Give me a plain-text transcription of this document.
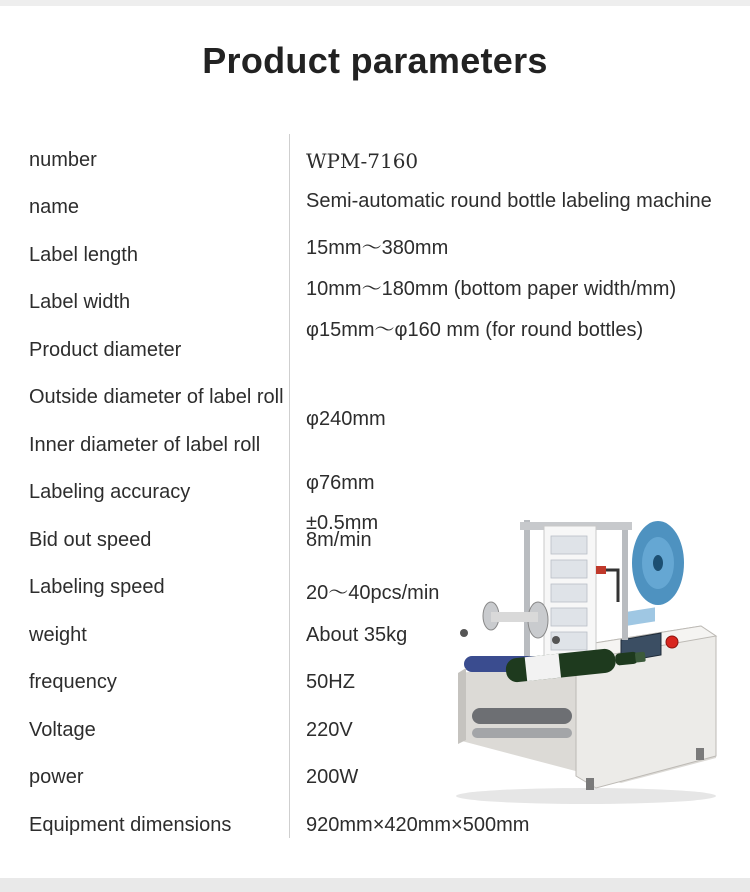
Product parameters
number
name
Label length
Label width
Product diameter
Outside diameter of label roll
Inner diameter of label roll
Labeling accuracy
Bid out speed
Labeling speed
weight
frequency
Voltage
power
Equipment dimensions
WPM-7160
Semi-automatic round bottle labeling machine
15mm～380mm
10mm～180mm (bottom paper width/mm)
φ15mm～φ160 mm (for round bottles)
φ240mm
φ76mm
±0.5mm
8m/min
20～40pcs/min
About 35kg
50HZ
220V
200W
920mm×420mm×500mm
